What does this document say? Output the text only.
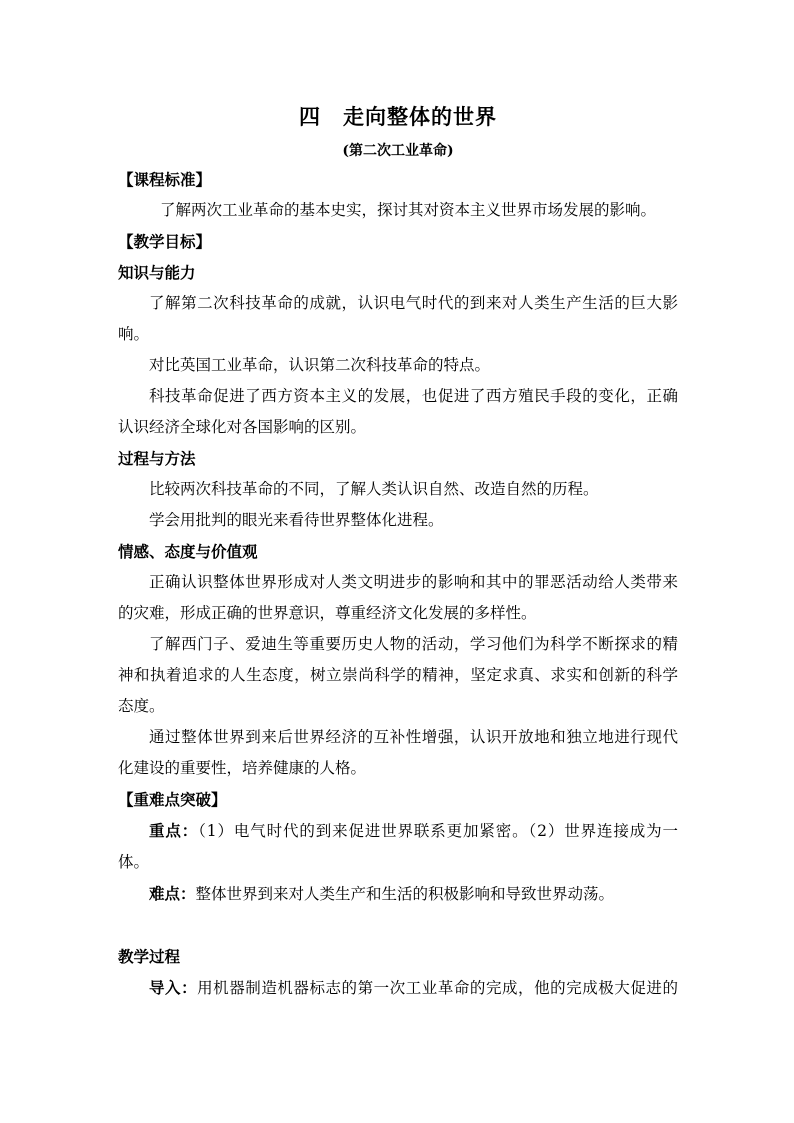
四　走向整体的世界
(第二次工业革命)
【课程标准】
了解两次工业革命的基本史实，探讨其对资本主义世界市场发展的影响。
【教学目标】
知识与能力
了解第二次科技革命的成就，认识电气时代的到来对人类生产生活的巨大影
响。
对比英国工业革命，认识第二次科技革命的特点。
科技革命促进了西方资本主义的发展，也促进了西方殖民手段的变化，正确
认识经济全球化对各国影响的区别。
过程与方法
比较两次科技革命的不同，了解人类认识自然、改造自然的历程。
学会用批判的眼光来看待世界整体化进程。
情感、态度与价值观
正确认识整体世界形成对人类文明进步的影响和其中的罪恶活动给人类带来
的灾难，形成正确的世界意识，尊重经济文化发展的多样性。
了解西门子、爱迪生等重要历史人物的活动，学习他们为科学不断探求的精
神和执着追求的人生态度，树立崇尚科学的精神，坚定求真、求实和创新的科学
态度。
通过整体世界到来后世界经济的互补性增强，认识开放地和独立地进行现代
化建设的重要性，培养健康的人格。
【重难点突破】
重点：（1）电气时代的到来促进世界联系更加紧密。（2）世界连接成为一
体。
难点：整体世界到来对人类生产和生活的积极影响和导致世界动荡。
教学过程
导入：用机器制造机器标志的第一次工业革命的完成，他的完成极大促进的
